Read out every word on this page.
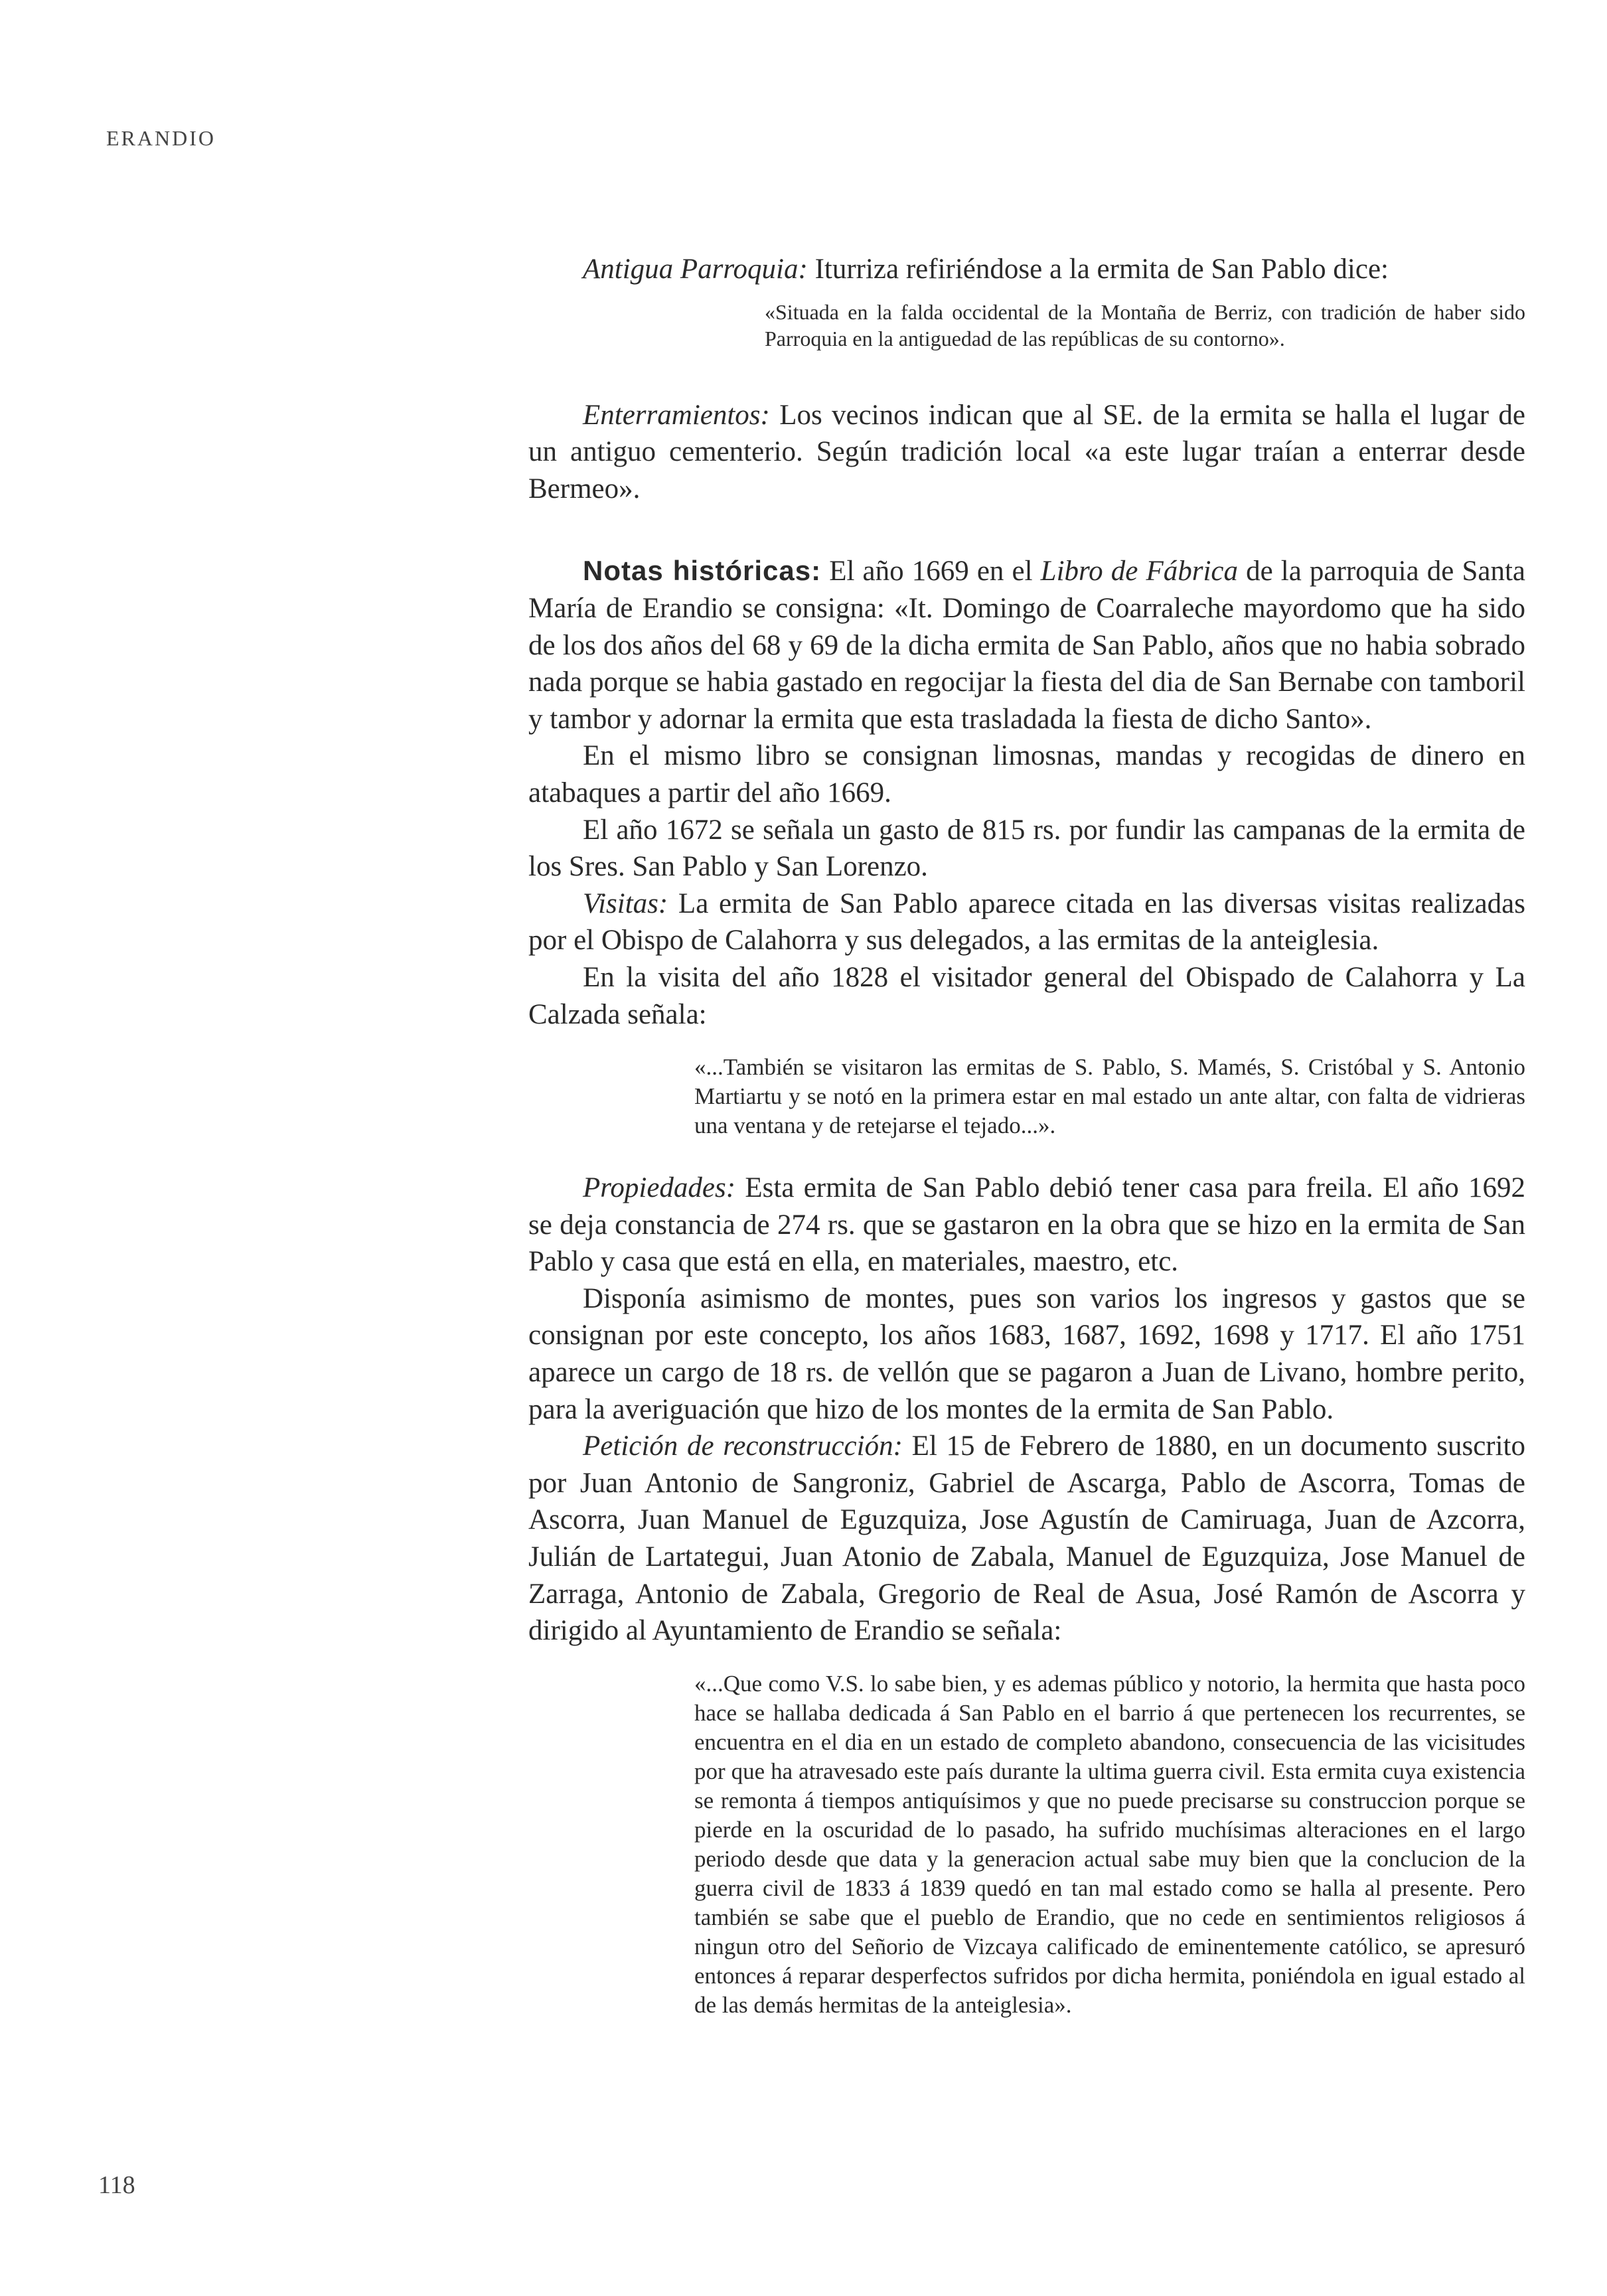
ERANDIO

Antigua Parroquia: Iturriza refiriéndose a la ermita de San Pablo dice:

«Situada en la falda occidental de la Montaña de Berriz, con tradición de haber sido Parroquia en la antiguedad de las repúblicas de su contorno».

Enterramientos: Los vecinos indican que al SE. de la ermita se halla el lugar de un antiguo cementerio. Según tradición local «a este lugar traían a enterrar desde Bermeo».

Notas históricas: El año 1669 en el Libro de Fábrica de la parroquia de Santa María de Erandio se consigna: «It. Domingo de Coarraleche mayordomo que ha sido de los dos años del 68 y 69 de la dicha ermita de San Pablo, años que no habia sobrado nada porque se habia gastado en regocijar la fiesta del dia de San Bernabe con tamboril y tambor y adornar la ermita que esta trasladada la fiesta de dicho Santo».

En el mismo libro se consignan limosnas, mandas y recogidas de dinero en atabaques a partir del año 1669.

El año 1672 se señala un gasto de 815 rs. por fundir las campanas de la ermita de los Sres. San Pablo y San Lorenzo.

Visitas: La ermita de San Pablo aparece citada en las diversas visitas realizadas por el Obispo de Calahorra y sus delegados, a las ermitas de la anteiglesia.

En la visita del año 1828 el visitador general del Obispado de Calahorra y La Calzada señala:

«...También se visitaron las ermitas de S. Pablo, S. Mamés, S. Cristóbal y S. Antonio Martiartu y se notó en la primera estar en mal estado un ante altar, con falta de vidrieras una ventana y de retejarse el tejado...».

Propiedades: Esta ermita de San Pablo debió tener casa para freila. El año 1692 se deja constancia de 274 rs. que se gastaron en la obra que se hizo en la ermita de San Pablo y casa que está en ella, en materiales, maestro, etc.

Disponía asimismo de montes, pues son varios los ingresos y gastos que se consignan por este concepto, los años 1683, 1687, 1692, 1698 y 1717. El año 1751 aparece un cargo de 18 rs. de vellón que se pagaron a Juan de Livano, hombre perito, para la averiguación que hizo de los montes de la ermita de San Pablo.

Petición de reconstrucción: El 15 de Febrero de 1880, en un documento suscrito por Juan Antonio de Sangroniz, Gabriel de Ascarga, Pablo de Ascorra, Tomas de Ascorra, Juan Manuel de Eguzquiza, Jose Agustín de Camiruaga, Juan de Azcorra, Julián de Lartategui, Juan Atonio de Zabala, Manuel de Eguzquiza, Jose Manuel de Zarraga, Antonio de Zabala, Gregorio de Real de Asua, José Ramón de Ascorra y dirigido al Ayuntamiento de Erandio se señala:

«...Que como V.S. lo sabe bien, y es ademas público y notorio, la hermita que hasta poco hace se hallaba dedicada á San Pablo en el barrio á que pertenecen los recurrentes, se encuentra en el dia en un estado de completo abandono, consecuencia de las vicisitudes por que ha atravesado este país durante la ultima guerra civil. Esta ermita cuya existencia se remonta á tiempos antiquísimos y que no puede precisarse su construccion porque se pierde en la oscuridad de lo pasado, ha sufrido muchísimas alteraciones en el largo periodo desde que data y la generacion actual sabe muy bien que la conclucion de la guerra civil de 1833 á 1839 quedó en tan mal estado como se halla al presente. Pero también se sabe que el pueblo de Erandio, que no cede en sentimientos religiosos á ningun otro del Señorio de Vizcaya calificado de eminentemente católico, se apresuró entonces á reparar desperfectos sufridos por dicha hermita, poniéndola en igual estado al de las demás hermitas de la anteiglesia».
118
